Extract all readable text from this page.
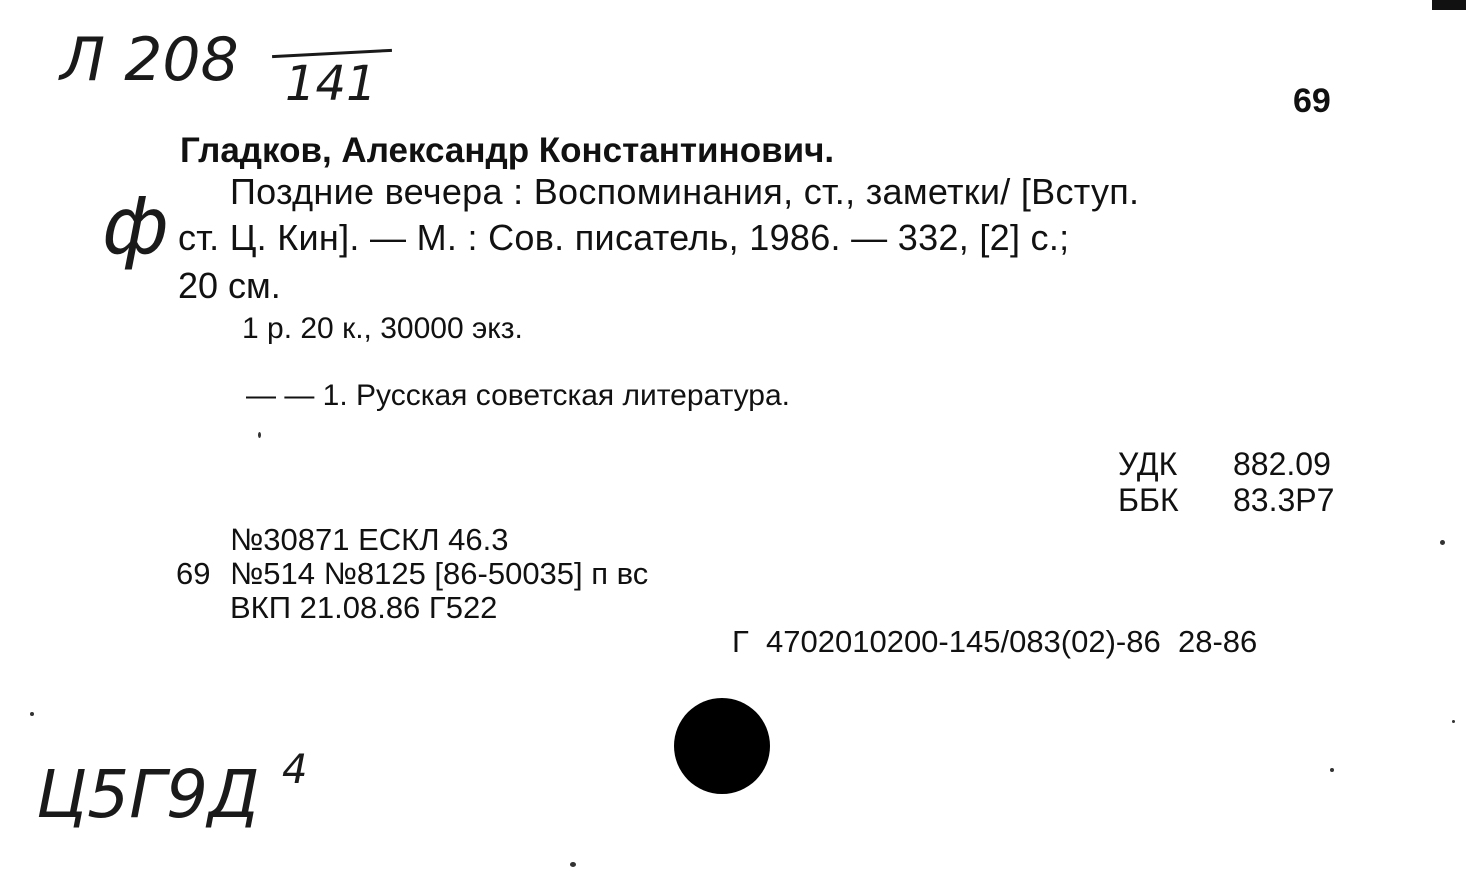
Л 208 141	69
Гладков, Александр Константинович.
ф Поздние вечера : Воспоминания, ст., заметки/ [Вступ.
ст. Ц. Кин]. — М. : Сов. писатель, 1986. — 332, [2] с.;
20 см.
1 р. 20 к., 30000 экз.
— — 1. Русская советская литература.
УДК 882.09
ББК 83.3Р7
№30871 ЕСКЛ 46.3
69 №514 №8125 [86-50035] п вс
ВКП 21.08.86 Г522
Г  4702010200-145/083(02)-86  28-86
Ц5Г9Д 4
